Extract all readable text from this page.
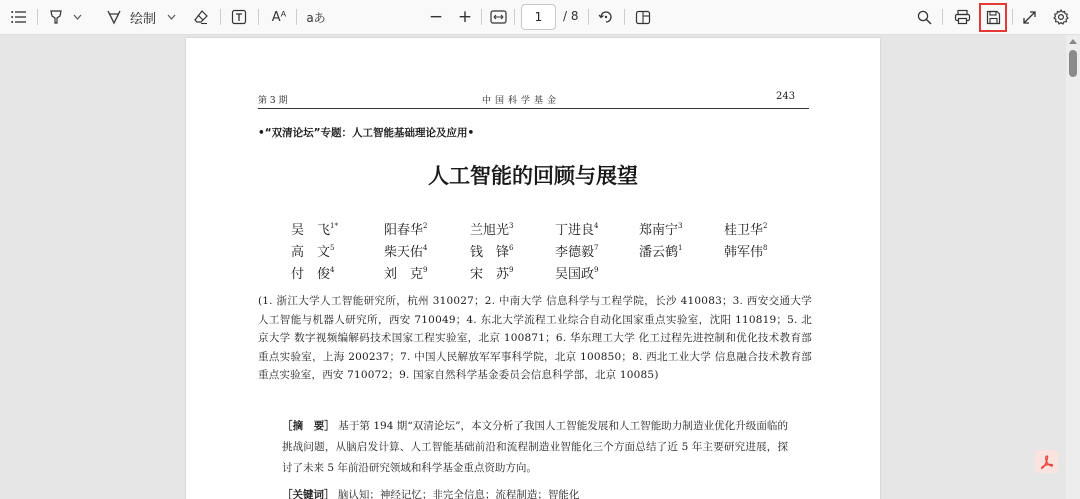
绘制	Aᴬ aあ	− +	1	/ 8
第 3 期	中国科学基金	243
•“双清论坛”专题：人工智能基础理论及应用•
人工智能的回顾与展望
吴　飞$^{1*}$	阳春华$^2$	兰旭光$^3$	丁进良$^4$	郑南宁$^3$	桂卫华$^2$
高　文$^5$	柴天佑$^4$	钱　锋$^6$	李德毅$^7$	潘云鹤$^1$	韩军伟$^8$
付　俊$^4$	刘　克$^9$	宋　苏$^9$	吴国政$^9$
(1. 浙江大学人工智能研究所，杭州 310027；2. 中南大学 信息科学与工程学院，长沙 410083；3. 西安交通大学 人工智能与机器人研究所，西安 710049；4. 东北大学流程工业综合自动化国家重点实验室，沈阳 110819；5. 北京大学 数字视频编解码技术国家工程实验室，北京 100871；6. 华东理工大学 化工过程先进控制和优化技术教育部重点实验室，上海 200237；7. 中国人民解放军军事科学院，北京 100850；8. 西北工业大学 信息融合技术教育部重点实验室，西安 710072；9. 国家自然科学基金委员会信息科学部，北京 10085)
［摘　要］ 基于第 194 期“双清论坛”，本文分析了我国人工智能发展和人工智能助力制造业优化升级面临的挑战问题，从脑启发计算、人工智能基础前沿和流程制造业智能化三个方面总结了近 5 年主要研究进展，探讨了未来 5 年前沿研究领域和科学基金重点资助方向。
［关键词］ 脑认知；神经记忆；非完全信息；流程制造；智能化
